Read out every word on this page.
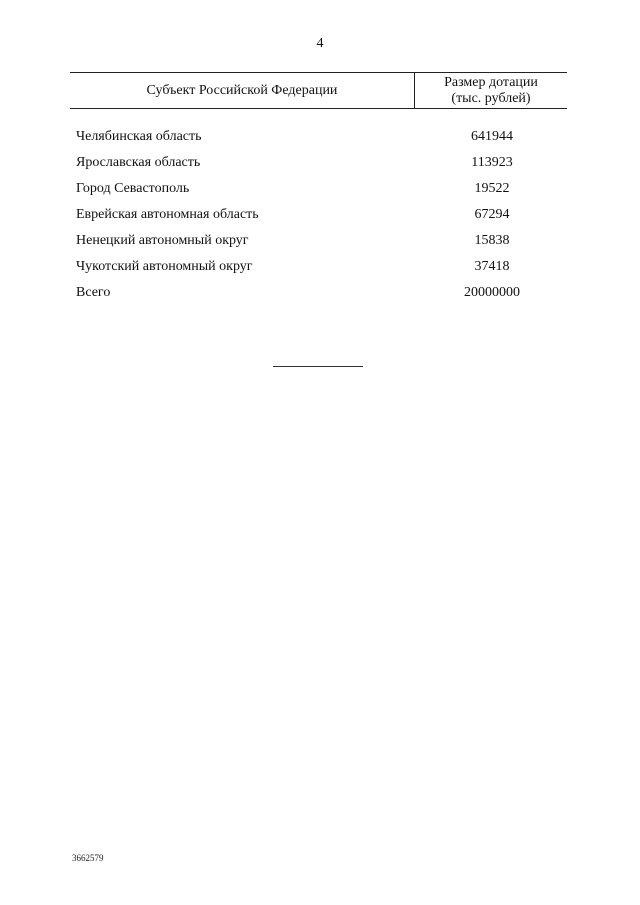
4
Субъект Российской Федерации
Размер дотации
(тыс. рублей)
Челябинская область	641944
Ярославская область	113923
Город Севастополь	19522
Еврейская автономная область	67294
Ненецкий автономный округ	15838
Чукотский автономный округ	37418
Всего	20000000
3662579
